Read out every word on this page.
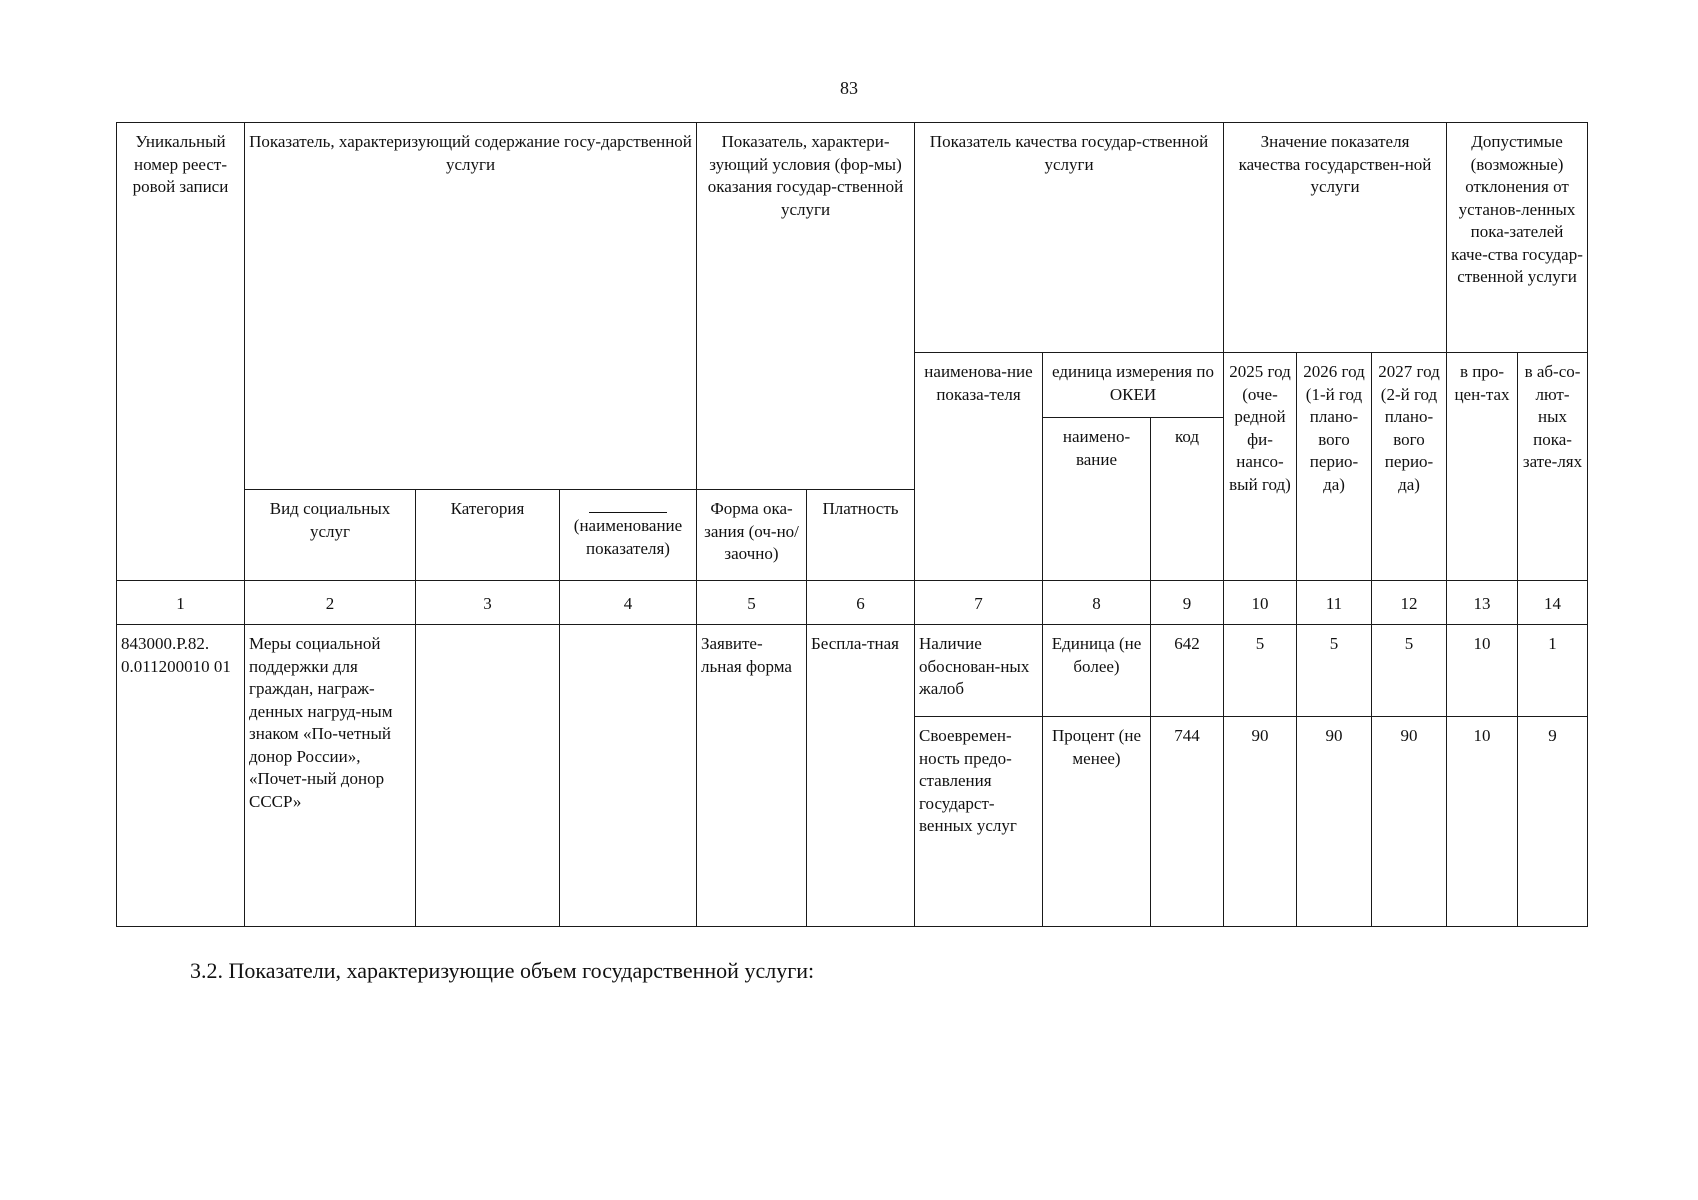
83
Уникальный номер реест-ровой записи	Показатель, характеризующий содержание госу-дарственной услуги			Показатель, характери-зующий условия (фор-мы) оказания государ-ственной услуги		Показатель качества государ-ственной услуги			Значение показателя качества государствен-ной услуги			Допустимые (возможные) отклонения от установ-ленных пока-зателей каче-ства государ-ственной услуги	
						наименова-ние показа-теля	единица измерения по ОКЕИ		2025 год (оче-редной фи-нансо-вый год)	2026 год (1-й год плано-вого перио-да)	2027 год (2-й год плано-вого перио-да)	в про-цен-тах	в аб-со-лют-ных пока-зате-лях
							наимено-вание	код					
	Вид социальных услуг	Категория	(наименование показателя)	Форма ока-зания (оч-но/заочно)	Платность								
1	2	3	4	5	6	7	8	9	10	11	12	13	14
843000.Р.82. 0.011200010 01	Меры социальной поддержки для граждан, награж-денных нагруд-ным знаком «По-четный донор России», «Почет-ный донор СССР»			Заявите-льная форма	Беспла-тная	Наличие обоснован-ных жалоб	Единица (не более)	642	5	5	5	10	1
						Своевремен-ность предо-ставления государст-венных услуг	Процент (не менее)	744	90	90	90	10	9
3.2. Показатели, характеризующие объем государственной услуги:
